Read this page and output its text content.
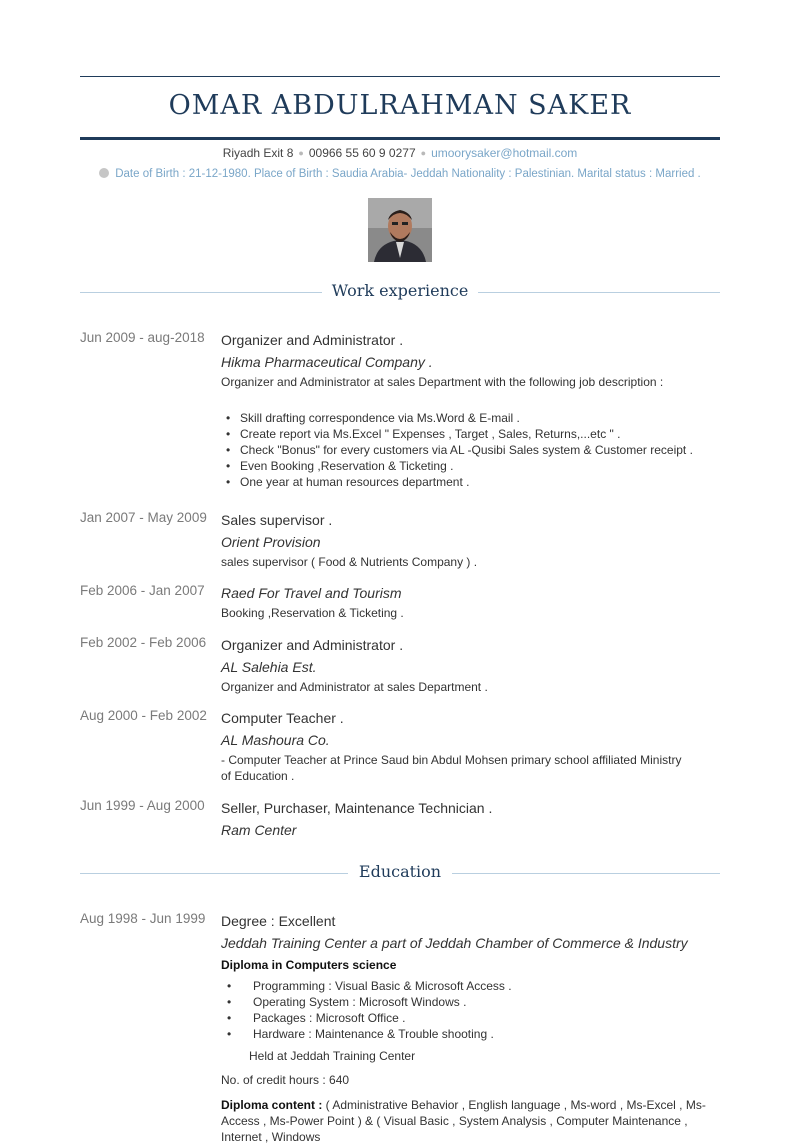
OMAR ABDULRAHMAN SAKER
Riyadh Exit 8 ● 00966 55 60 9 0277 ● umoorysaker@hotmail.com
Date of Birth : 21-12-1980. Place of Birth : Saudia Arabia- Jeddah Nationality : Palestinian. Marital status : Married .
Work experience
Jun 2009 - aug-2018 Organizer and Administrator .
Hikma Pharmaceutical Company .
Organizer and Administrator at sales Department with the following job description :
• Skill drafting correspondence via Ms.Word & E-mail .
• Create report via Ms.Excel " Expenses , Target , Sales, Returns,...etc " .
• Check "Bonus" for every customers via AL -Qusibi Sales system & Customer receipt .
• Even Booking ,Reservation & Ticketing .
• One year at human resources department .
Jan 2007 - May 2009 Sales supervisor .
Orient Provision
sales supervisor ( Food & Nutrients Company ) .
Feb 2006 - Jan 2007 Raed For Travel and Tourism
Booking ,Reservation & Ticketing .
Feb 2002 - Feb 2006 Organizer and Administrator .
AL Salehia Est.
Organizer and Administrator at sales Department .
Aug 2000 - Feb 2002 Computer Teacher .
AL Mashoura Co.
- Computer Teacher at Prince Saud bin Abdul Mohsen primary school affiliated Ministry of Education .
Jun 1999 - Aug 2000 Seller, Purchaser, Maintenance Technician .
Ram Center
Education
Aug 1998 - Jun 1999 Degree : Excellent
Jeddah Training Center a part of Jeddah Chamber of Commerce & Industry
Diploma in Computers science
• Programming : Visual Basic & Microsoft Access .
• Operating System : Microsoft Windows .
• Packages : Microsoft Office .
• Hardware : Maintenance & Trouble shooting .
Held at Jeddah Training Center
No. of credit hours : 640
Diploma content : ( Administrative Behavior , English language , Ms-word , Ms-Excel , Ms-Access , Ms-Power Point ) & ( Visual Basic , System Analysis , Computer Maintenance , Internet , Windows
